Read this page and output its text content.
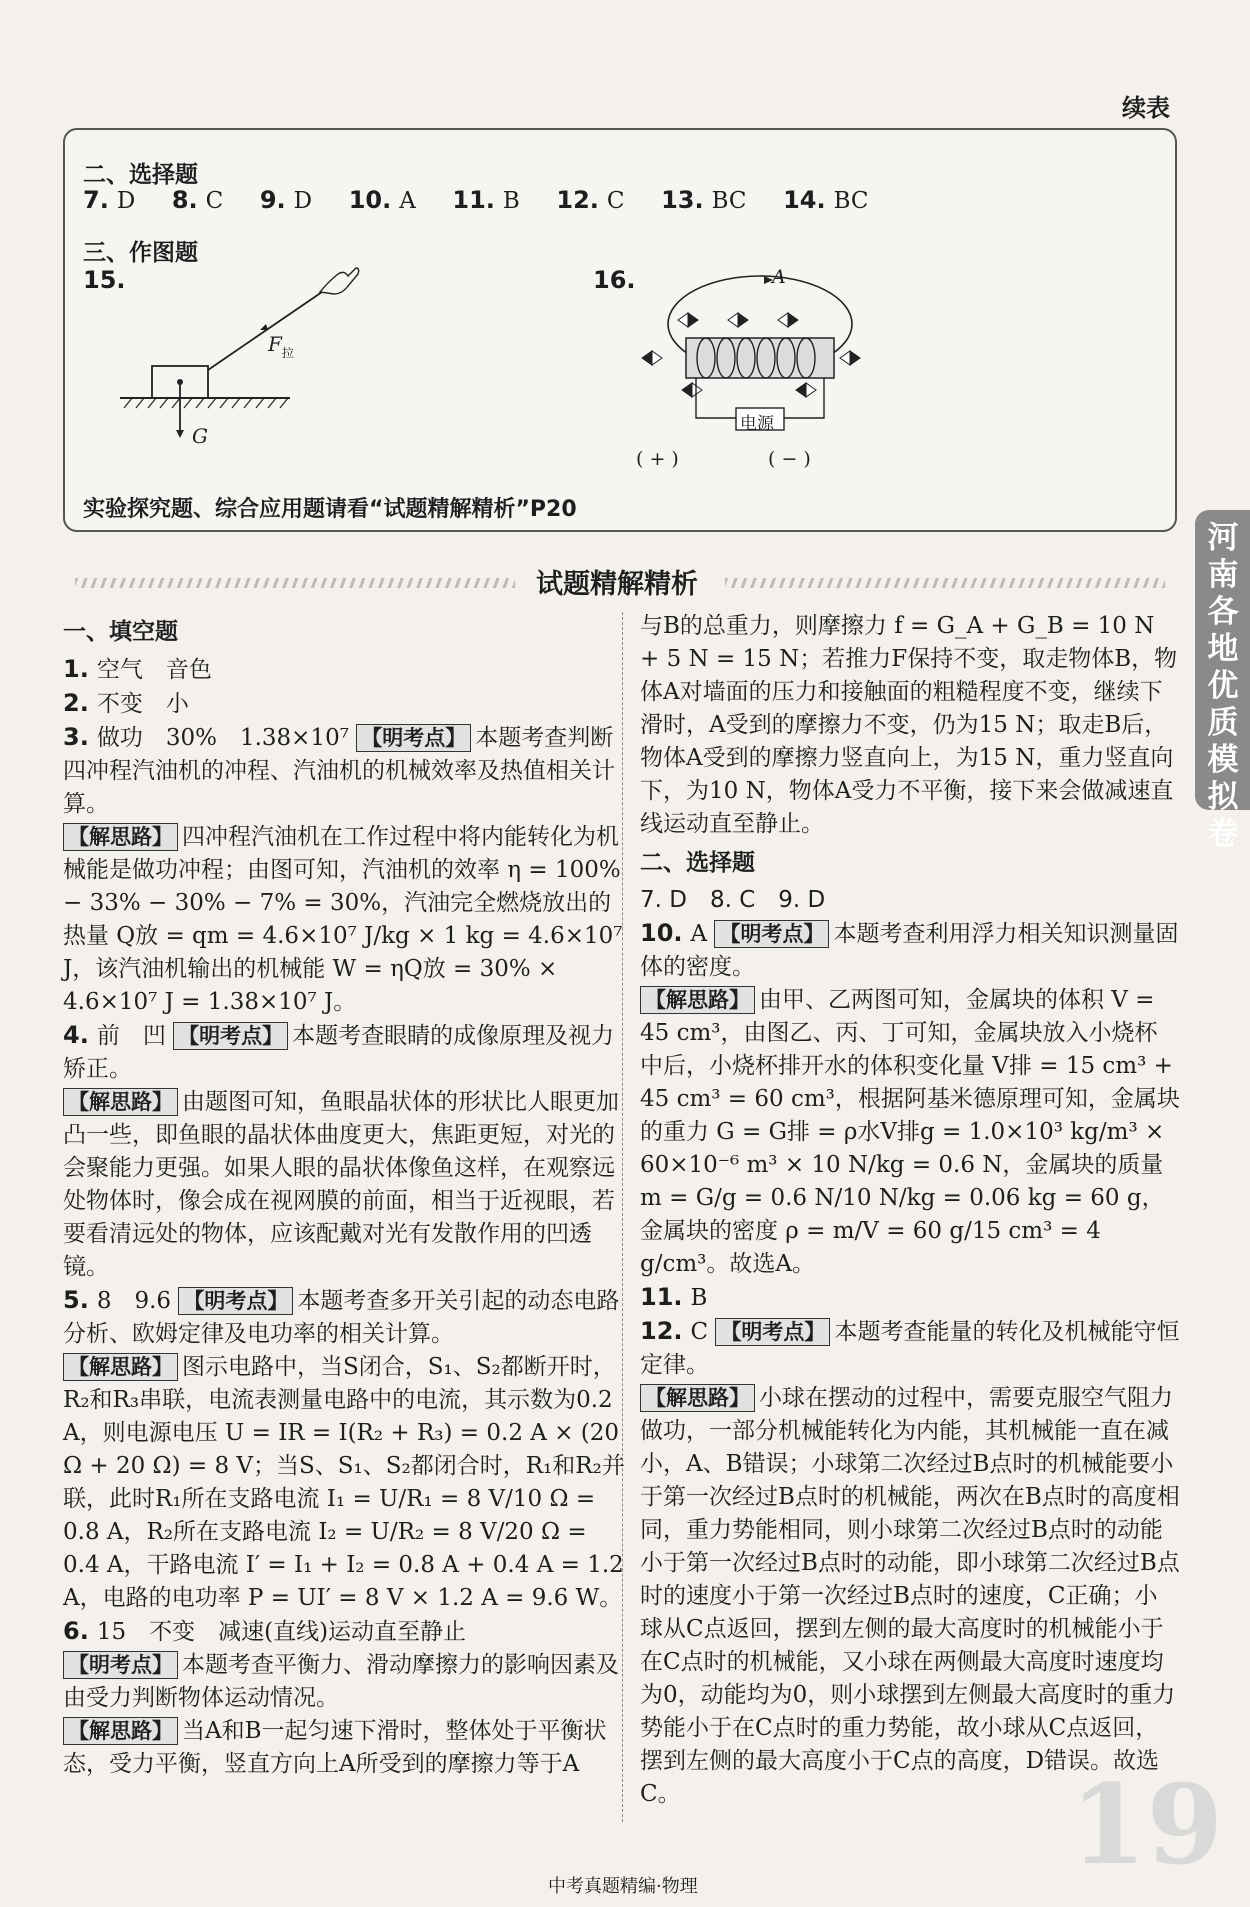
续表
二、选择题
7. D 8. C 9. D 10. A 11. B 12. C 13. BC 14. BC
三、作图题
15.	16.
$F_拉$
G
A
电源
( + )	( − )
实验探究题、综合应用题请看“试题精解精析”P20
试题精解精析
河南各地优质模拟卷
一、填空题

1. 空气　音色

2. 不变　小

3. 做功　30%　1.38×10⁷ 【明考点】 本题考查判断四冲程汽油机的冲程、汽油机的机械效率及热值相关计算。

【解思路】 四冲程汽油机在工作过程中将内能转化为机械能是做功冲程；由图可知，汽油机的效率 η = 100% − 33% − 30% − 7% = 30%，汽油完全燃烧放出的热量 Q放 = qm = 4.6×10⁷ J/kg × 1 kg = 4.6×10⁷ J，该汽油机输出的机械能 W = ηQ放 = 30% × 4.6×10⁷ J = 1.38×10⁷ J。

4. 前　凹 【明考点】 本题考查眼睛的成像原理及视力矫正。

【解思路】 由题图可知，鱼眼晶状体的形状比人眼更加凸一些，即鱼眼的晶状体曲度更大，焦距更短，对光的会聚能力更强。如果人眼的晶状体像鱼这样，在观察远处物体时，像会成在视网膜的前面，相当于近视眼，若要看清远处的物体，应该配戴对光有发散作用的凹透镜。

5. 8　9.6 【明考点】 本题考查多开关引起的动态电路分析、欧姆定律及电功率的相关计算。

【解思路】 图示电路中，当S闭合，S₁、S₂都断开时，R₂和R₃串联，电流表测量电路中的电流，其示数为0.2 A，则电源电压 U = IR = I(R₂ + R₃) = 0.2 A × (20 Ω + 20 Ω) = 8 V；当S、S₁、S₂都闭合时，R₁和R₂并联，此时R₁所在支路电流 I₁ = U/R₁ = 8 V/10 Ω = 0.8 A，R₂所在支路电流 I₂ = U/R₂ = 8 V/20 Ω = 0.4 A，干路电流 I′ = I₁ + I₂ = 0.8 A + 0.4 A = 1.2 A，电路的电功率 P = UI′ = 8 V × 1.2 A = 9.6 W。

6. 15　不变　减速(直线)运动直至静止

【明考点】 本题考查平衡力、滑动摩擦力的影响因素及由受力判断物体运动情况。

【解思路】 当A和B一起匀速下滑时，整体处于平衡状态，受力平衡，竖直方向上A所受到的摩擦力等于A

与B的总重力，则摩擦力 f = G_A + G_B = 10 N + 5 N = 15 N；若推力F保持不变，取走物体B，物体A对墙面的压力和接触面的粗糙程度不变，继续下滑时，A受到的摩擦力不变，仍为15 N；取走B后，物体A受到的摩擦力竖直向上，为15 N，重力竖直向下，为10 N，物体A受力不平衡，接下来会做减速直线运动直至静止。

二、选择题

7. D　8. C　9. D

10. A 【明考点】 本题考查利用浮力相关知识测量固体的密度。

【解思路】 由甲、乙两图可知，金属块的体积 V = 45 cm³，由图乙、丙、丁可知，金属块放入小烧杯中后，小烧杯排开水的体积变化量 V排 = 15 cm³ + 45 cm³ = 60 cm³，根据阿基米德原理可知，金属块的重力 G = G排 = ρ水V排g = 1.0×10³ kg/m³ × 60×10⁻⁶ m³ × 10 N/kg = 0.6 N，金属块的质量 m = G/g = 0.6 N/10 N/kg = 0.06 kg = 60 g，金属块的密度 ρ = m/V = 60 g/15 cm³ = 4 g/cm³。故选A。

11. B

12. C 【明考点】 本题考查能量的转化及机械能守恒定律。

【解思路】 小球在摆动的过程中，需要克服空气阻力做功，一部分机械能转化为内能，其机械能一直在减小，A、B错误；小球第二次经过B点时的机械能要小于第一次经过B点时的机械能，两次在B点时的高度相同，重力势能相同，则小球第二次经过B点时的动能小于第一次经过B点时的动能，即小球第二次经过B点时的速度小于第一次经过B点时的速度，C正确；小球从C点返回，摆到左侧的最大高度时的机械能小于在C点时的机械能，又小球在两侧最大高度时速度均为0，动能均为0，则小球摆到左侧最大高度时的重力势能小于在C点时的重力势能，故小球从C点返回，摆到左侧的最大高度小于C点的高度，D错误。故选C。

中考真题精编·物理	19
